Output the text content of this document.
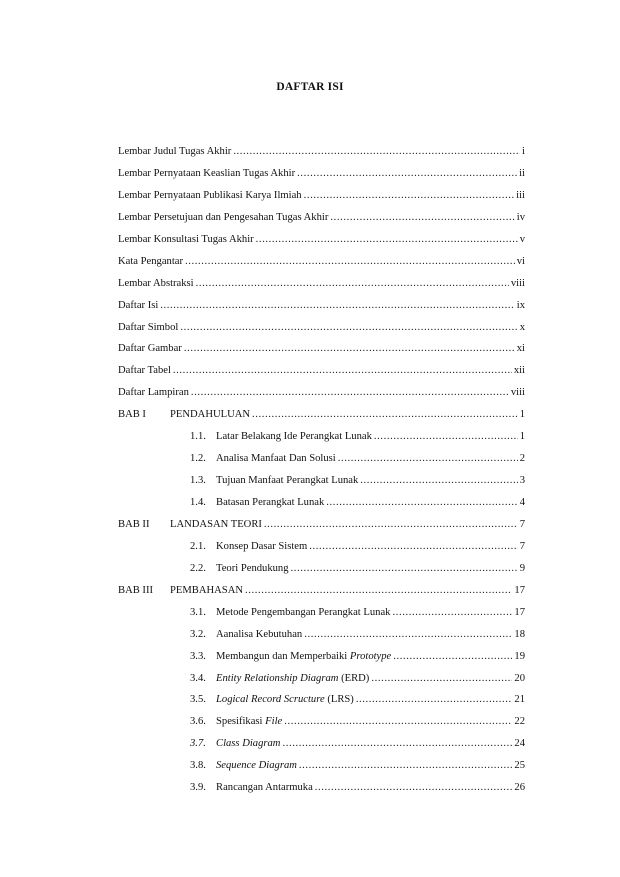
DAFTAR ISI
Lembar Judul Tugas Akhir .....	i
Lembar Pernyataan Keaslian Tugas Akhir .....	ii
Lembar Pernyataan Publikasi Karya Ilmiah .....	iii
Lembar Persetujuan dan Pengesahan Tugas Akhir .....	iv
Lembar Konsultasi Tugas Akhir .....	v
Kata Pengantar .....	vi
Lembar Abstraksi .....	viii
Daftar Isi .....	ix
Daftar Simbol .....	x
Daftar Gambar .....	xi
Daftar Tabel .....	xii
Daftar Lampiran .....	viii
BAB I	PENDAHULUAN .....	1
1.1. Latar Belakang Ide Perangkat Lunak .....	1
1.2. Analisa Manfaat Dan Solusi .....	2
1.3. Tujuan Manfaat Perangkat Lunak .....	3
1.4. Batasan Perangkat Lunak .....	4
BAB II	LANDASAN TEORI .....	7
2.1. Konsep Dasar Sistem .....	7
2.2. Teori Pendukung .....	9
BAB III	PEMBAHASAN .....	17
3.1. Metode Pengembangan Perangkat Lunak .....	17
3.2. Aanalisa Kebutuhan .....	18
3.3. Membangun dan Memperbaiki Prototype .....	19
3.4. Entity Relationship Diagram (ERD) .....	20
3.5. Logical Record Scructure (LRS) .....	21
3.6. Spesifikasi File .....	22
3.7. Class Diagram .....	24
3.8. Sequence Diagram .....	25
3.9. Rancangan Antarmuka .....	26
